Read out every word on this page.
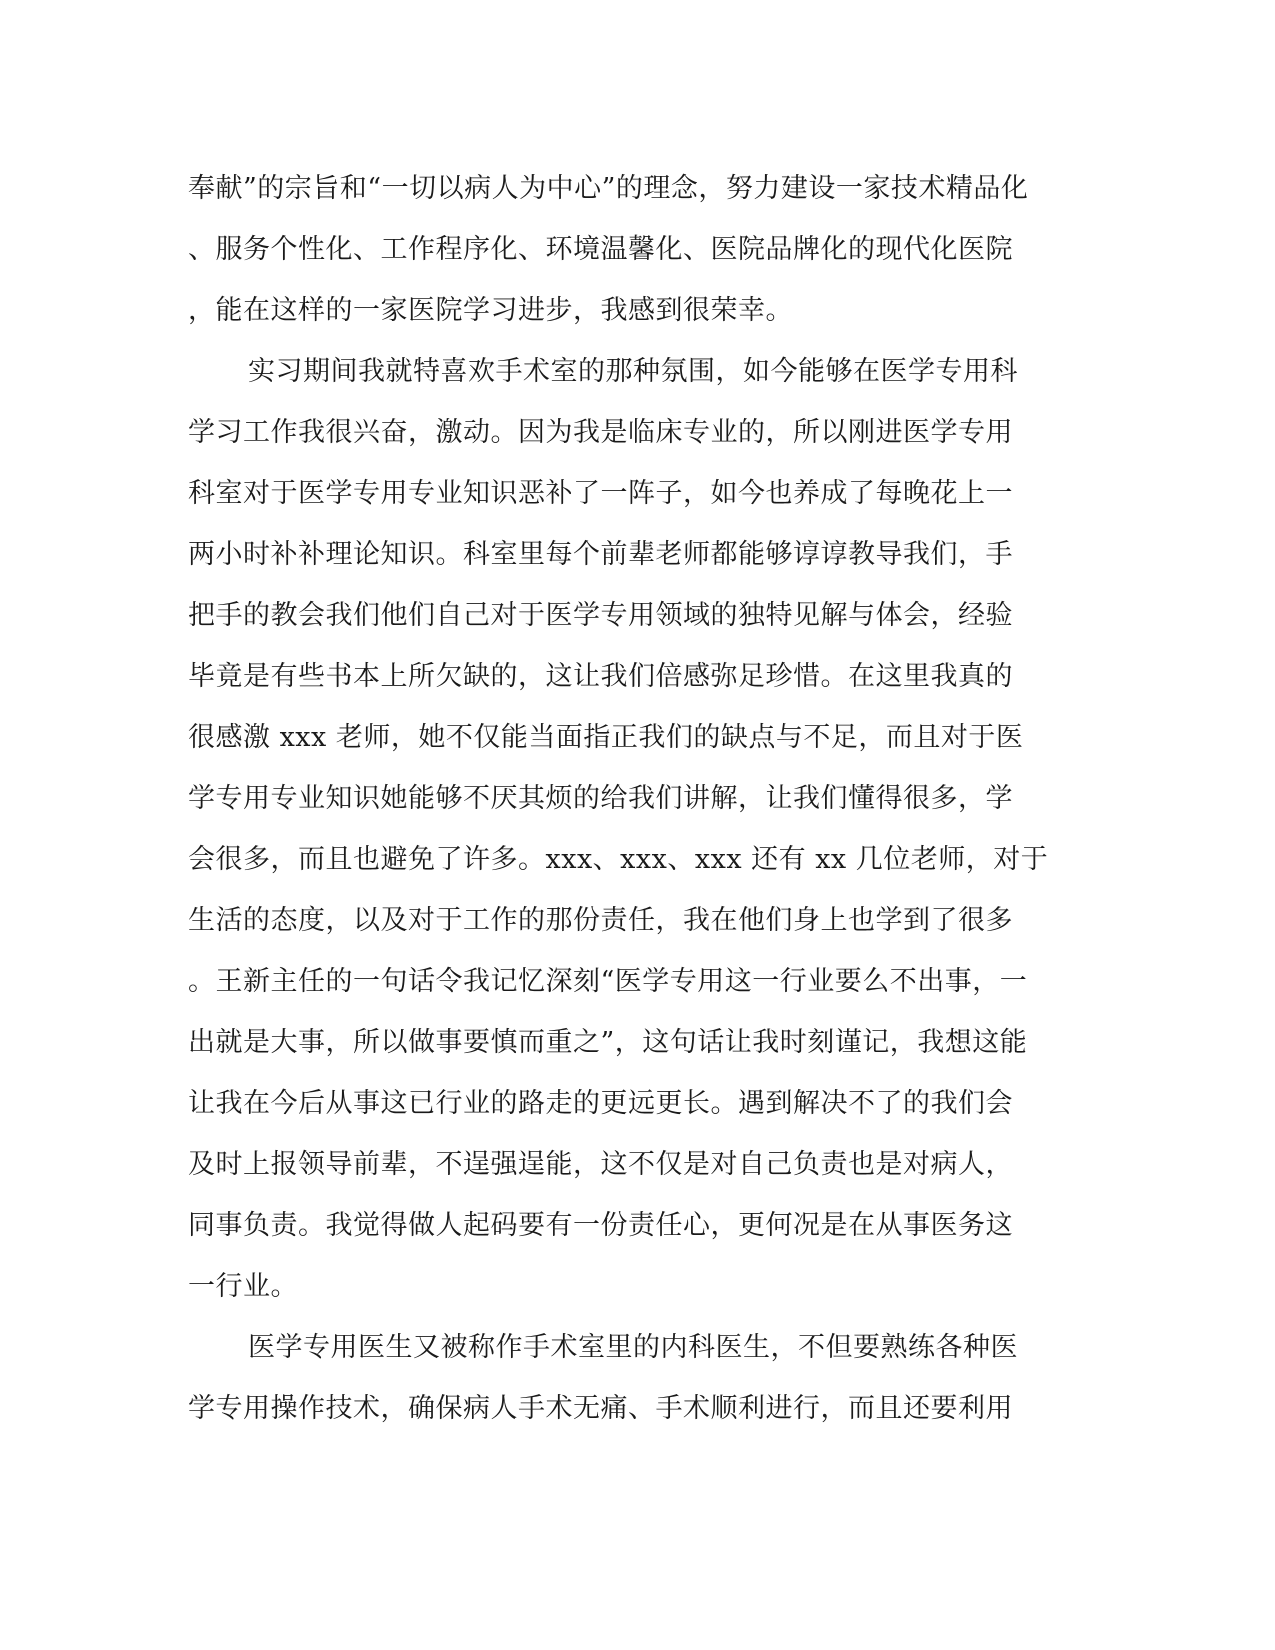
奉献”的宗旨和“一切以病人为中心”的理念，努力建设一家技术精品化
、服务个性化、工作程序化、环境温馨化、医院品牌化的现代化医院
，能在这样的一家医院学习进步，我感到很荣幸。
实习期间我就特喜欢手术室的那种氛围，如今能够在医学专用科
学习工作我很兴奋，激动。因为我是临床专业的，所以刚进医学专用
科室对于医学专用专业知识恶补了一阵子，如今也养成了每晚花上一
两小时补补理论知识。科室里每个前辈老师都能够谆谆教导我们，手
把手的教会我们他们自己对于医学专用领域的独特见解与体会，经验
毕竟是有些书本上所欠缺的，这让我们倍感弥足珍惜。在这里我真的
很感激 xxx 老师，她不仅能当面指正我们的缺点与不足，而且对于医
学专用专业知识她能够不厌其烦的给我们讲解，让我们懂得很多，学
会很多，而且也避免了许多。xxx、xxx、xxx 还有 xx 几位老师，对于
生活的态度，以及对于工作的那份责任，我在他们身上也学到了很多
。王新主任的一句话令我记忆深刻“医学专用这一行业要么不出事，一
出就是大事，所以做事要慎而重之”，这句话让我时刻谨记，我想这能
让我在今后从事这已行业的路走的更远更长。遇到解决不了的我们会
及时上报领导前辈，不逞强逞能，这不仅是对自己负责也是对病人，
同事负责。我觉得做人起码要有一份责任心，更何况是在从事医务这
一行业。
医学专用医生又被称作手术室里的内科医生，不但要熟练各种医
学专用操作技术，确保病人手术无痛、手术顺利进行，而且还要利用
